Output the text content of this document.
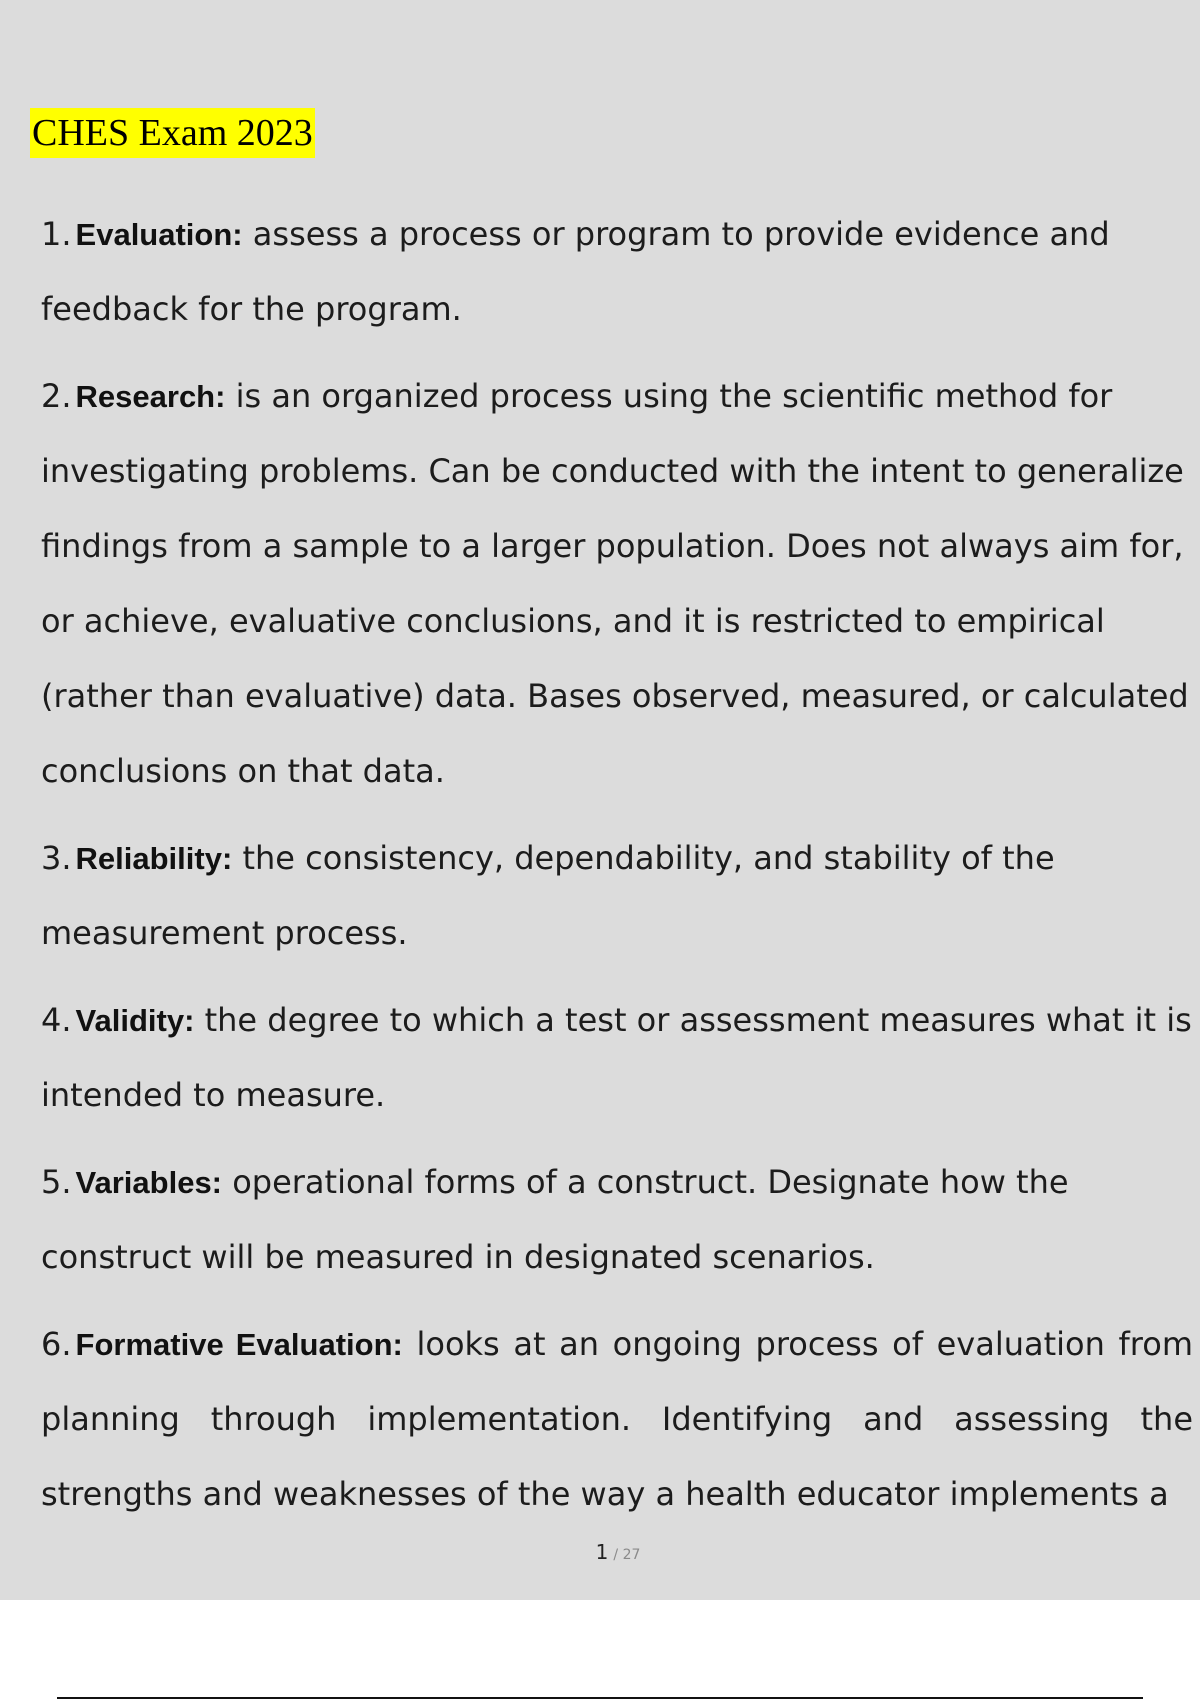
CHES Exam 2023
1. Evaluation: assess a process or program to provide evidence and feedback for the program.
2. Research: is an organized process using the scientific method for investigating problems. Can be conducted with the intent to generalize findings from a sample to a larger population. Does not always aim for, or achieve, evaluative conclusions, and it is restricted to empirical (rather than evaluative) data. Bases observed, measured, or calculated conclusions on that data.
3. Reliability: the consistency, dependability, and stability of the measurement process.
4. Validity: the degree to which a test or assessment measures what it is intended to measure.
5. Variables: operational forms of a construct. Designate how the construct will be measured in designated scenarios.
6. Formative Evaluation: looks at an ongoing process of evaluation from planning through implementation. Identifying and assessing the strengths and weaknesses of the way a health educator implements a
1 / 27
